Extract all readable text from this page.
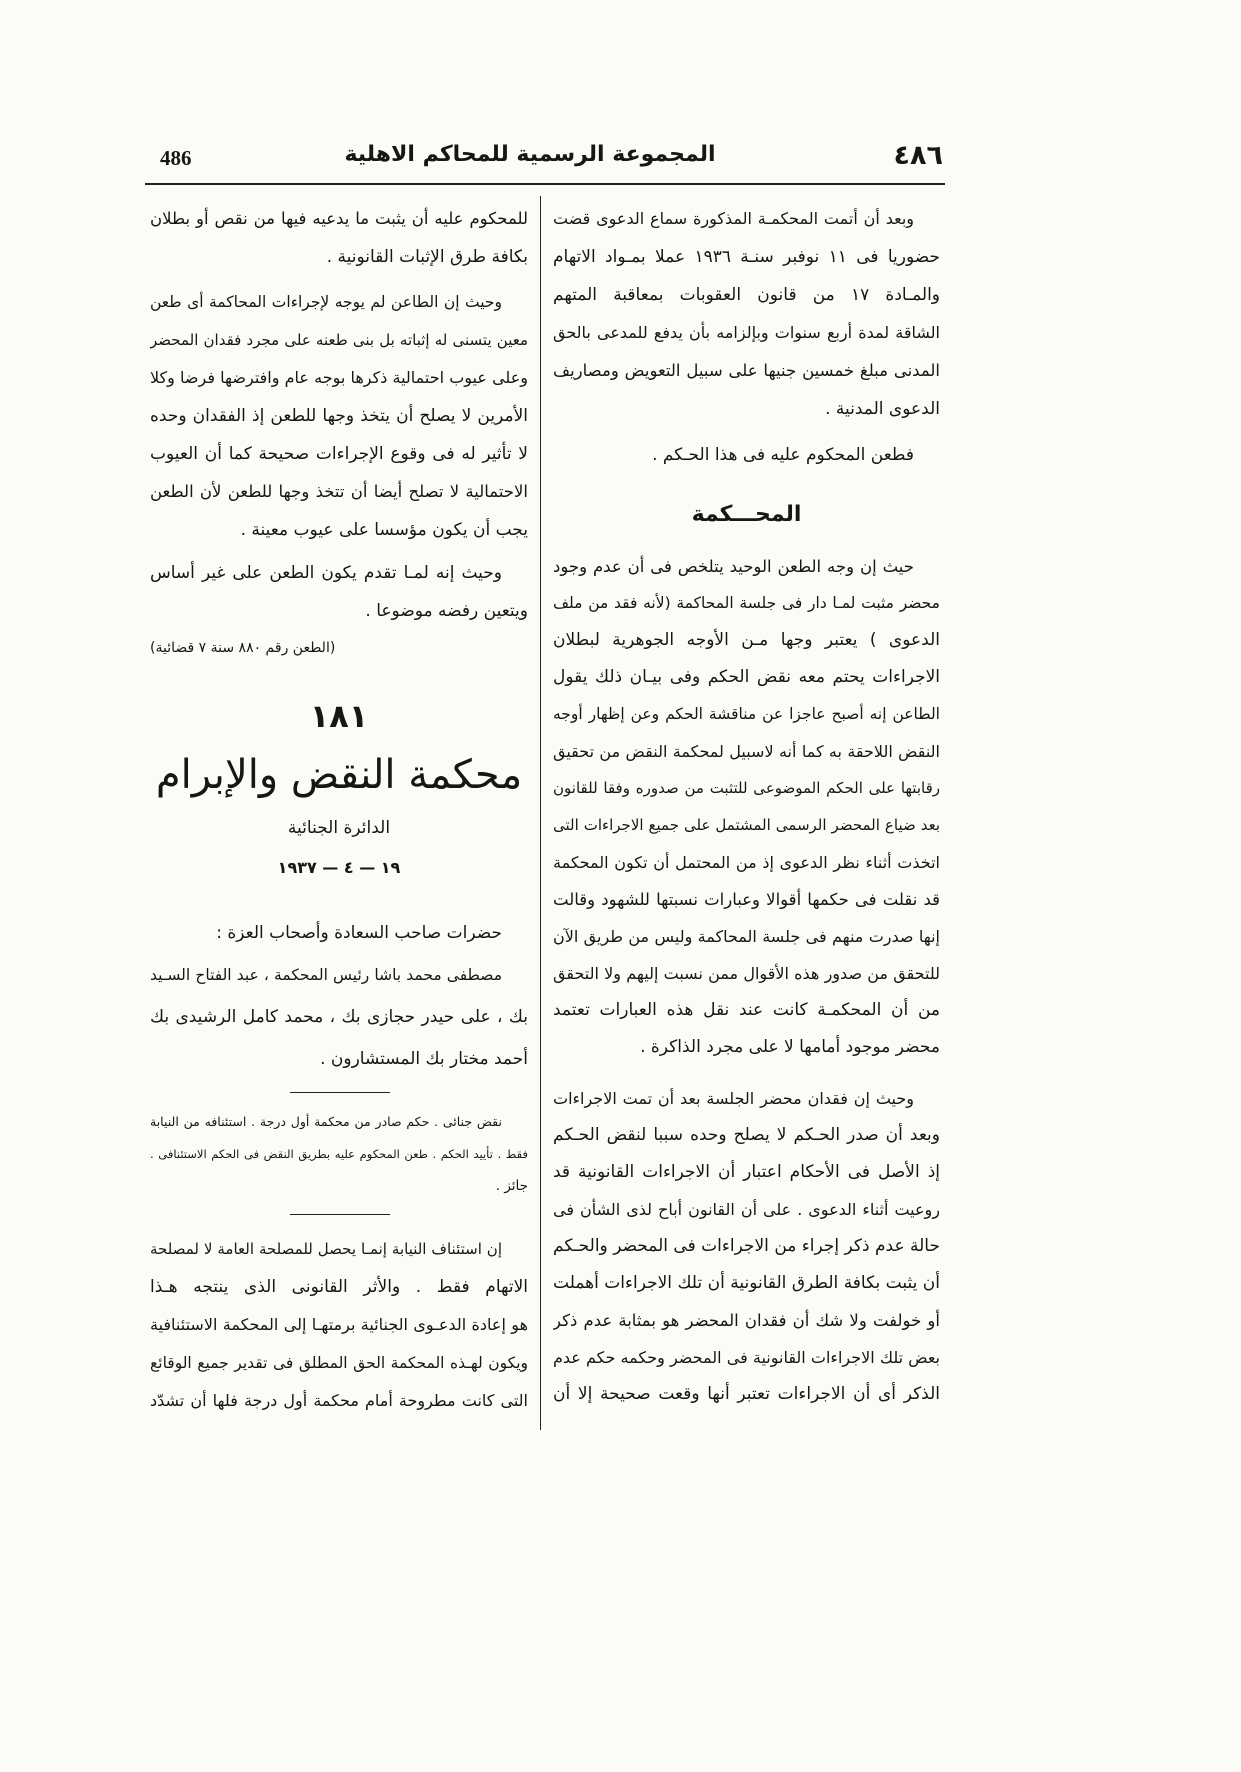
486	المجموعة الرسمية للمحاكم الاهلية	٤٨٦
وبعد أن أتمت المحكمـة المذكورة سماع الدعوى قضت
حضوريا فى ١١ نوفبر سنـة ١٩٣٦ عملا بمـواد الاتهام
والمـادة ١٧ من قانون العقوبات بمعاقبة المتهم
الشاقة لمدة أربع سنوات وبإلزامه بأن يدفع للمدعى بالحق
المدنى مبلغ خمسين جنيها على سبيل التعويض ومصاريف
الدعوى المدنية .
فطعن المحكوم عليه فى هذا الحـكم .
المحـــكمة
حيث إن وجه الطعن الوحيد يتلخص فى أن عدم وجود
محضر مثبت لمـا دار فى جلسة المحاكمة (لأنه فقد من ملف
الدعوى ) يعتبر وجها مـن الأوجه الجوهرية لبطلان
الاجراءات يحتم معه نقض الحكم وفى بيـان ذلك يقول
الطاعن إنه أصبح عاجزا عن مناقشة الحكم وعن إظهار أوجه
النقض اللاحقة به كما أنه لاسبيل لمحكمة النقض من تحقيق
رقابتها على الحكم الموضوعى للتثبت من صدوره وفقا للقانون
بعد ضياع المحضر الرسمى المشتمل على جميع الاجراءات التى
اتخذت أثناء نظر الدعوى إذ من المحتمل أن تكون المحكمة
قد نقلت فى حكمها أقوالا وعبارات نسبتها للشهود وقالت
إنها صدرت منهم فى جلسة المحاكمة وليس من طريق الآن
للتحقق من صدور هذه الأقوال ممن نسبت إليهم ولا التحقق
من أن المحكمـة كانت عند نقل هذه العبارات تعتمد
محضر موجود أمامها لا على مجرد الذاكرة .
وحيث إن فقدان محضر الجلسة بعد أن تمت الاجراءات
وبعد أن صدر الحـكم لا يصلح وحده سببا لنقض الحـكم
إذ الأصل فى الأحكام اعتبار أن الاجراءات القانونية قد
روعيت أثناء الدعوى . على أن القانون أباح لذى الشأن فى
حالة عدم ذكر إجراء من الاجراءات فى المحضر والحـكم
أن يثبت بكافة الطرق القانونية أن تلك الاجراءات أهملت
أو خولفت ولا شك أن فقدان المحضر هو بمثابة عدم ذكر
بعض تلك الاجراءات القانونية فى المحضر وحكمه حكم عدم
الذكر أى أن الاجراءات تعتبر أنها وقعت صحيحة إلا أن
للمحكوم عليه أن يثبت ما يدعيه فيها من نقص أو بطلان
بكافة طرق الإثبات القانونية .
وحيث إن الطاعن لم يوجه لإجراءات المحاكمة أى طعن
معين يتسنى له إثباته بل بنى طعنه على مجرد فقدان المحضر
وعلى عيوب احتمالية ذكرها بوجه عام وافترضها فرضا وكلا
الأمرين لا يصلح أن يتخذ وجها للطعن إذ الفقدان وحده
لا تأثير له فى وقوع الإجراءات صحيحة كما أن العيوب
الاحتمالية لا تصلح أيضا أن تتخذ وجها للطعن لأن الطعن
يجب أن يكون مؤسسا على عيوب معينة .
وحيث إنه لمـا تقدم يكون الطعن على غير أساس
ويتعين رفضه موضوعا .
(الطعن رقم ٨٨٠ سنة ٧ قضائية)
١٨١
محكمة النقض والإبرام
الدائرة الجنائية
١٩ — ٤ — ١٩٣٧
حضرات صاحب السعادة وأصحاب العزة :
مصطفى محمد باشا رئيس المحكمة ، عبد الفتاح السـيد
بك ، على حيدر حجازى بك ، محمد كامل الرشيدى بك
أحمد مختار بك المستشارون .
نقض جنائى . حكم صادر من محكمة أول درجة . استئنافه من النيابة
فقط . تأييد الحكم . طعن المحكوم عليه بطريق النقض فى الحكم الاستئنافى .
جائز .
إن استئناف النيابة إنمـا يحصل للمصلحة العامة لا لمصلحة
الاتهام فقط . والأثر القانونى الذى ينتجه هـذا
هو إعادة الدعـوى الجنائية برمتهـا إلى المحكمة الاستئنافية
ويكون لهـذه المحكمة الحق المطلق فى تقدير جميع الوقائع
التى كانت مطروحة أمام محكمة أول درجة فلها أن تشدّد
